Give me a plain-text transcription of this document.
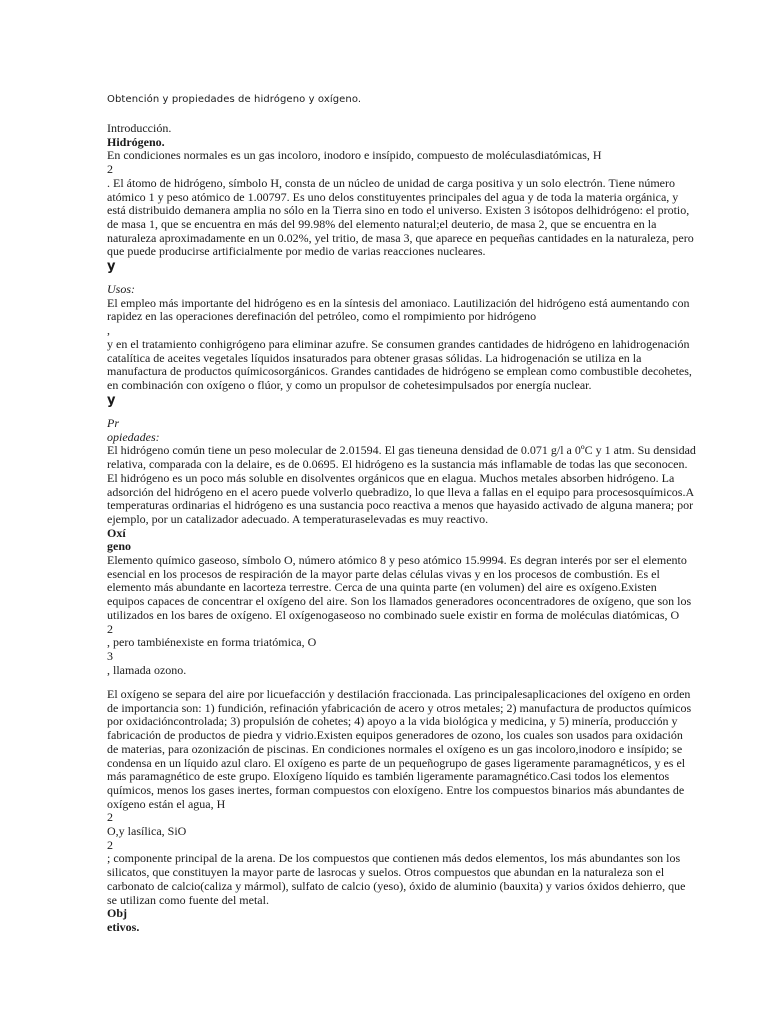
Obtención y propiedades de hidrógeno y oxígeno.
Introducción.
Hidrógeno.
En condiciones normales es un gas incoloro, inodoro e insípido, compuesto de moléculasdiatómicas, H
2
. El átomo de hidrógeno, símbolo H, consta de un núcleo de unidad de carga positiva y un solo electrón. Tiene número
atómico 1 y peso atómico de 1.00797. Es uno delos constituyentes principales del agua y de toda la materia orgánica, y
está distribuido demanera amplia no sólo en la Tierra sino en todo el universo. Existen 3 isótopos delhidrógeno: el protio,
de masa 1, que se encuentra en más del 99.98% del elemento natural;el deuterio, de masa 2, que se encuentra en la
naturaleza aproximadamente en un 0.02%, yel tritio, de masa 3, que aparece en pequeñas cantidades en la naturaleza, pero
que puede producirse artificialmente por medio de varias reacciones nucleares.
y
Usos:
El empleo más importante del hidrógeno es en la síntesis del amoniaco. Lautilización del hidrógeno está aumentando con
rapidez en las operaciones derefinación del petróleo, como el rompimiento por hidrógeno
,
y en el tratamiento conhigrógeno para eliminar azufre. Se consumen grandes cantidades de hidrógeno en lahidrogenación
catalítica de aceites vegetales líquidos insaturados para obtener grasas sólidas. La hidrogenación se utiliza en la
manufactura de productos químicosorgánicos. Grandes cantidades de hidrógeno se emplean como combustible decohetes,
en combinación con oxígeno o flúor, y como un propulsor de cohetesimpulsados por energía nuclear.
y
Pr
opiedades:
El hidrógeno común tiene un peso molecular de 2.01594. El gas tieneuna densidad de 0.071 g/l a 0ºC y 1 atm. Su densidad
relativa, comparada con la delaire, es de 0.0695. El hidrógeno es la sustancia más inflamable de todas las que seconocen.
El hidrógeno es un poco más soluble en disolventes orgánicos que en elagua. Muchos metales absorben hidrógeno. La
adsorción del hidrógeno en el acero puede volverlo quebradizo, lo que lleva a fallas en el equipo para procesosquímicos.A
temperaturas ordinarias el hidrógeno es una sustancia poco reactiva a menos que hayasido activado de alguna manera; por
ejemplo, por un catalizador adecuado. A temperaturaselevadas es muy reactivo.
Oxí
geno
Elemento químico gaseoso, símbolo O, número atómico 8 y peso atómico 15.9994. Es degran interés por ser el elemento
esencial en los procesos de respiración de la mayor parte delas células vivas y en los procesos de combustión. Es el
elemento más abundante en lacorteza terrestre. Cerca de una quinta parte (en volumen) del aire es oxígeno.Existen
equipos capaces de concentrar el oxígeno del aire. Son los llamados generadores oconcentradores de oxígeno, que son los
utilizados en los bares de oxígeno. El oxígenogaseoso no combinado suele existir en forma de moléculas diatómicas, O
2
, pero tambiénexiste en forma triatómica, O
3
, llamada ozono.
El oxígeno se separa del aire por licuefacción y destilación fraccionada. Las principalesaplicaciones del oxígeno en orden
de importancia son: 1) fundición, refinación yfabricación de acero y otros metales; 2) manufactura de productos químicos
por oxidacióncontrolada; 3) propulsión de cohetes; 4) apoyo a la vida biológica y medicina, y 5) minería, producción y
fabricación de productos de piedra y vidrio.Existen equipos generadores de ozono, los cuales son usados para oxidación
de materias, para ozonización de piscinas. En condiciones normales el oxígeno es un gas incoloro,inodoro e insípido; se
condensa en un líquido azul claro. El oxígeno es parte de un pequeñogrupo de gases ligeramente paramagnéticos, y es el
más paramagnético de este grupo. Eloxígeno líquido es también ligeramente paramagnético.Casi todos los elementos
químicos, menos los gases inertes, forman compuestos con eloxígeno. Entre los compuestos binarios más abundantes de
oxígeno están el agua, H
2
O,y lasílica, SiO
2
; componente principal de la arena. De los compuestos que contienen más dedos elementos, los más abundantes son los
silicatos, que constituyen la mayor parte de lasrocas y suelos. Otros compuestos que abundan en la naturaleza son el
carbonato de calcio(caliza y mármol), sulfato de calcio (yeso), óxido de aluminio (bauxita) y varios óxidos dehierro, que
se utilizan como fuente del metal.
Obj
etivos.
